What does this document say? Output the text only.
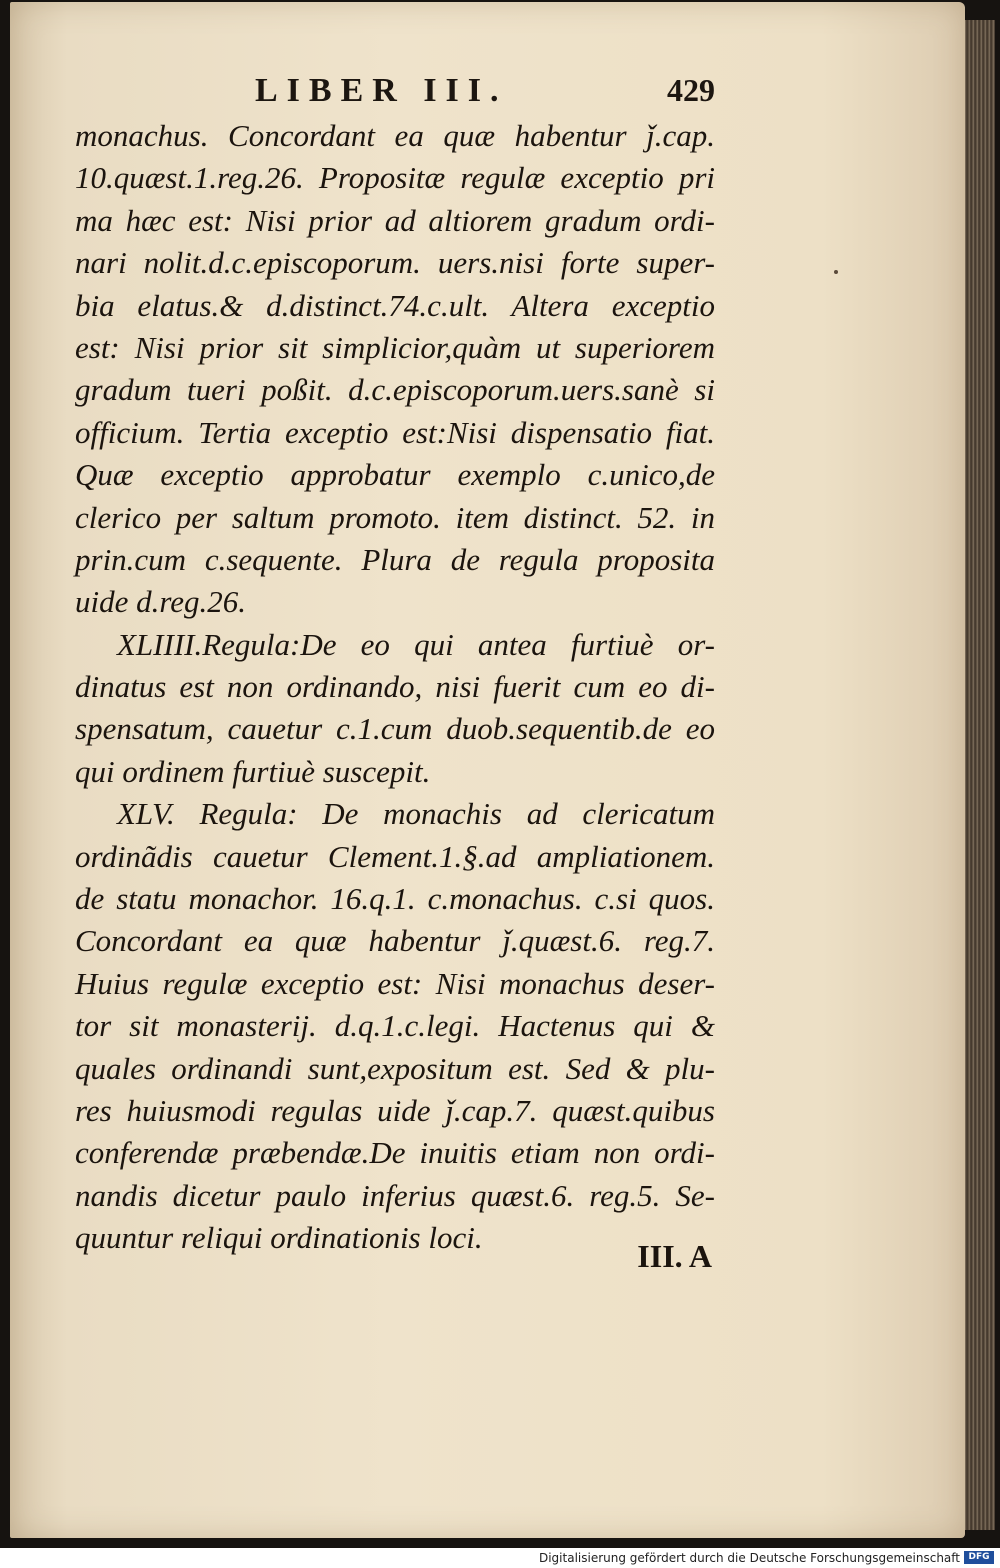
LIBER III.	429
monachus. Concordant ea quæ habentur ǰ.cap.
10.quæst.1.reg.26. Propositæ regulæ exceptio pri
ma hæc est: Nisi prior ad altiorem gradum ordi-
nari nolit.d.c.episcoporum. uers.nisi forte super-
bia elatus.& d.distinct.74.c.ult. Altera exceptio
est: Nisi prior sit simplicior,quàm ut superiorem
gradum tueri poßit. d.c.episcoporum.uers.sanè si
officium. Tertia exceptio est:Nisi dispensatio fiat.
Quæ exceptio approbatur exemplo c.unico,de
clerico per saltum promoto. item distinct. 52. in
prin.cum c.sequente. Plura de regula proposita
uide d.reg.26.
XLIIII.Regula:De eo qui antea furtiuè or-
dinatus est non ordinando, nisi fuerit cum eo di-
spensatum, cauetur c.1.cum duob.sequentib.de eo
qui ordinem furtiuè suscepit.
XLV. Regula: De monachis ad clericatum
ordinãdis cauetur Clement.1.§.ad ampliationem.
de statu monachor. 16.q.1. c.monachus. c.si quos.
Concordant ea quæ habentur ǰ.quæst.6. reg.7.
Huius regulæ exceptio est: Nisi monachus deser-
tor sit monasterij. d.q.1.c.legi. Hactenus qui &
quales ordinandi sunt,expositum est. Sed & plu-
res huiusmodi regulas uide ǰ.cap.7. quæst.quibus
conferendæ præbendæ.De inuitis etiam non ordi-
nandis dicetur paulo inferius quæst.6. reg.5. Se-
quuntur reliqui ordinationis loci.
III. A
Digitalisierung gefördert durch die Deutsche Forschungsgemeinschaft DFG
